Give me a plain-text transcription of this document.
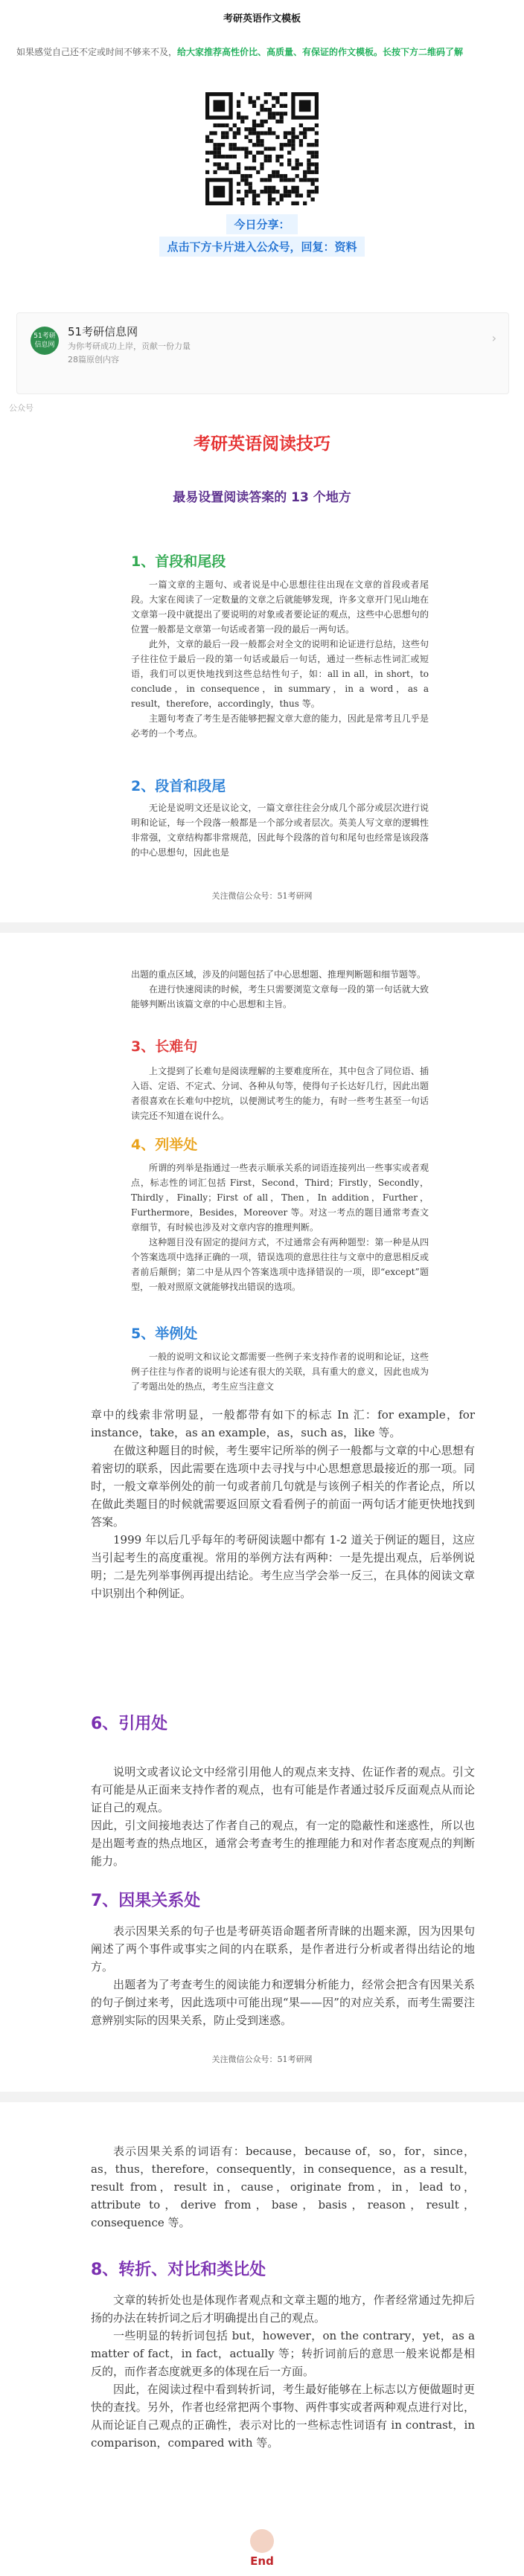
考研英语作文模板
如果感觉自己还不定或时间不够来不及，给大家推荐高性价比、高质量、有保证的作文模板。长按下方二维码了解
今日分享：
点击下方卡片进入公众号，回复：资料
51考研信息网
51考研信息网
为你考研成功上岸，贡献一份力量
28篇原创内容
›
公众号
考研英语阅读技巧
最易设置阅读答案的 13 个地方
1、首段和尾段

一篇文章的主题句、或者说是中心思想往往出现在文章的首段或者尾段。大家在阅读了一定数量的文章之后就能够发现，许多文章开门见山地在文章第一段中就提出了要说明的对象或者要论证的观点，这些中心思想句的位置一般都是文章第一句话或者第一段的最后一两句话。

此外，文章的最后一段一般都会对全文的说明和论证进行总结，这些句子往往位于最后一段的第一句话或最后一句话，通过一些标志性词汇或短语，我们可以更快地找到这些总结性句子，如：all in all，in short，to conclude，in consequence，in summary，in a word，as a result，therefore，accordingly，thus 等。

主题句考查了考生是否能够把握文章大意的能力，因此是常考且几乎是必考的一个考点。

2、段首和段尾

无论是说明文还是议论文，一篇文章往往会分成几个部分或层次进行说明和论证，每一个段落一般都是一个部分或者层次。英美人写文章的逻辑性非常强，文章结构都非常规范，因此每个段落的首句和尾句也经常是该段落的中心思想句，因此也是

关注微信公众号：51考研网

出题的重点区域，涉及的问题包括了中心思想题、推理判断题和细节题等。

在进行快速阅读的时候，考生只需要浏览文章每一段的第一句话就大致能够判断出该篇文章的中心思想和主旨。

3、长难句

上文提到了长难句是阅读理解的主要难度所在，其中包含了同位语、插入语、定语、不定式、分词、各种从句等，使得句子长达好几行，因此出题者很喜欢在长难句中挖坑，以便测试考生的能力，有时一些考生甚至一句话读完还不知道在说什么。

4、列举处

所谓的列举是指通过一些表示顺承关系的词语连接列出一些事实或者观点，标志性的词汇包括 First，Second，Third；Firstly，Secondly，Thirdly，Finally；First of all，Then，In addition，Further，Furthermore，Besides，Moreover 等。对这一考点的题目通常考查文章细节，有时候也涉及对文章内容的推理判断。

这种题目没有固定的提问方式，不过通常会有两种题型：第一种是从四个答案选项中选择正确的一项，错误选项的意思往往与文章中的意思相反或者前后颠倒；第二中是从四个答案选项中选择错误的一项，即“except”题型，一般对照原文就能够找出错误的选项。

5、举例处

一般的说明文和议论文都需要一些例子来支持作者的说明和论证，这些例子往往与作者的说明与论述有很大的关联，具有重大的意义，因此也成为了考题出处的热点，考生应当注意文

章中的线索非常明显，一般都带有如下的标志 In 汇：for example，for instance，take，as an example，as，such as，like 等。

在做这种题目的时候，考生要牢记所举的例子一般都与文章的中心思想有着密切的联系，因此需要在选项中去寻找与中心思想意思最接近的那一项。同时，一般文章举例处的前一句或者前几句就是与该例子相关的作者论点，所以在做此类题目的时候就需要返回原文看看例子的前面一两句话才能更快地找到答案。

1999 年以后几乎每年的考研阅读题中都有 1-2 道关于例证的题目，这应当引起考生的高度重视。常用的举例方法有两种：一是先提出观点，后举例说明；二是先列举事例再提出结论。考生应当学会举一反三，在具体的阅读文章中识别出个种例证。

6、引用处

说明文或者议论文中经常引用他人的观点来支持、佐证作者的观点。引文有可能是从正面来支持作者的观点，也有可能是作者通过驳斥反面观点从而论证自己的观点。
因此，引文间接地表达了作者自己的观点，有一定的隐蔽性和迷惑性，所以也是出题考查的热点地区，通常会考查考生的推理能力和对作者态度观点的判断能力。

7、因果关系处

表示因果关系的句子也是考研英语命题者所青睐的出题来源，因为因果句阐述了两个事件或事实之间的内在联系，是作者进行分析或者得出结论的地方。

出题者为了考查考生的阅读能力和逻辑分析能力，经常会把含有因果关系的句子倒过来考，因此选项中可能出现“果——因”的对应关系，而考生需要注意辨别实际的因果关系，防止受到迷惑。

关注微信公众号：51考研网

表示因果关系的词语有：because，because of，so，for，since，as，thus，therefore，consequently，in consequence，as a result，result from，result in，cause，originate from，in，lead to，attribute to，derive from，base，basis，reason，result，consequence 等。

8、转折、对比和类比处

文章的转折处也是体现作者观点和文章主题的地方，作者经常通过先抑后扬的办法在转折词之后才明确提出自己的观点。

一些明显的转折词包括 but，however，on the contrary，yet，as a matter of fact，in fact，actually 等；转折词前后的意思一般来说都是相反的，而作者态度就更多的体现在后一方面。

因此，在阅读过程中看到转折词，考生最好能够在上标志以方便做题时更快的查找。另外，作者也经常把两个事物、两件事实或者两种观点进行对比，从而论证自己观点的正确性，表示对比的一些标志性词语有 in contrast，in comparison，compared with 等。

End
